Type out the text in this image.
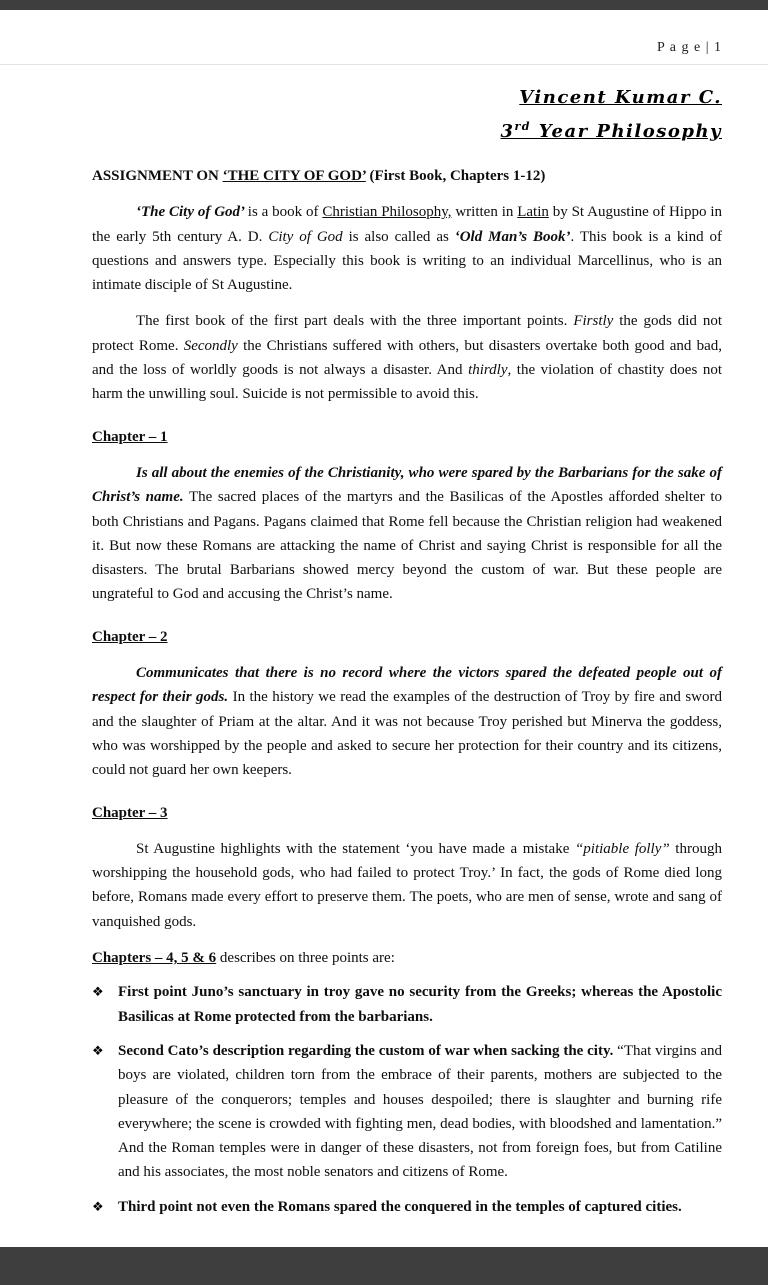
P a g e | 1
Vincent Kumar C.
3rd Year Philosophy

ASSIGNMENT ON ‘THE CITY OF GOD’ (First Book, Chapters 1-12)

‘The City of God’ is a book of Christian Philosophy, written in Latin by St Augustine of Hippo in the early 5th century A. D. City of God is also called as ‘Old Man’s Book’. This book is a kind of questions and answers type. Especially this book is writing to an individual Marcellinus, who is an intimate disciple of St Augustine.

The first book of the first part deals with the three important points. Firstly the gods did not protect Rome. Secondly the Christians suffered with others, but disasters overtake both good and bad, and the loss of worldly goods is not always a disaster. And thirdly, the violation of chastity does not harm the unwilling soul. Suicide is not permissible to avoid this.

Chapter – 1

Is all about the enemies of the Christianity, who were spared by the Barbarians for the sake of Christ’s name. The sacred places of the martyrs and the Basilicas of the Apostles afforded shelter to both Christians and Pagans. Pagans claimed that Rome fell because the Christian religion had weakened it. But now these Romans are attacking the name of Christ and saying Christ is responsible for all the disasters. The brutal Barbarians showed mercy beyond the custom of war. But these people are ungrateful to God and accusing the Christ’s name.

Chapter – 2

Communicates that there is no record where the victors spared the defeated people out of respect for their gods. In the history we read the examples of the destruction of Troy by fire and sword and the slaughter of Priam at the altar. And it was not because Troy perished but Minerva the goddess, who was worshipped by the people and asked to secure her protection for their country and its citizens, could not guard her own keepers.

Chapter – 3

St Augustine highlights with the statement ‘you have made a mistake “pitiable folly” through worshipping the household gods, who had failed to protect Troy.’ In fact, the gods of Rome died long before, Romans made every effort to preserve them. The poets, who are men of sense, wrote and sang of vanquished gods.

Chapters – 4, 5 & 6 describes on three points are:

❖ First point Juno’s sanctuary in troy gave no security from the Greeks; whereas the Apostolic Basilicas at Rome protected from the barbarians.
❖ Second Cato’s description regarding the custom of war when sacking the city. “That virgins and boys are violated, children torn from the embrace of their parents, mothers are subjected to the pleasure of the conquerors; temples and houses despoiled; there is slaughter and burning rife everywhere; the scene is crowded with fighting men, dead bodies, with bloodshed and lamentation.” And the Roman temples were in danger of these disasters, not from foreign foes, but from Catiline and his associates, the most noble senators and citizens of Rome.
❖ Third point not even the Romans spared the conquered in the temples of captured cities.
